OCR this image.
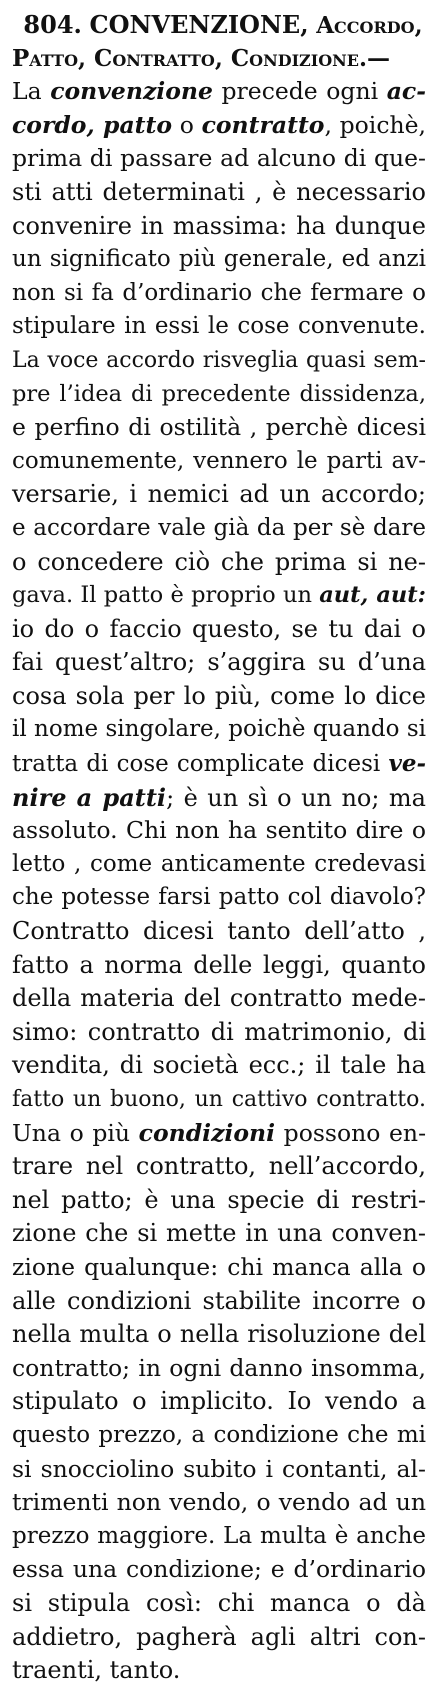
804. CONVENZIONE, Accordo,
Patto, Contratto, Condizione.—
La convenzione precede ogni ac-
cordo, patto o contratto, poichè,
prima di passare ad alcuno di que-
sti atti determinati , è necessario
convenire in massima: ha dunque
un significato più generale, ed anzi
non si fa d’ordinario che fermare o
stipulare in essi le cose convenute.
La voce accordo risveglia quasi sem-
pre l’idea di precedente dissidenza,
e perfino di ostilità , perchè dicesi
comunemente, vennero le parti av-
versarie, i nemici ad un accordo;
e accordare vale già da per sè dare
o concedere ciò che prima si ne-
gava. Il patto è proprio un aut, aut:
io do o faccio questo, se tu dai o
fai quest’altro; s’aggira su d’una
cosa sola per lo più, come lo dice
il nome singolare, poichè quando si
tratta di cose complicate dicesi ve-
nire a patti; è un sì o un no; ma
assoluto. Chi non ha sentito dire o
letto , come anticamente credevasi
che potesse farsi patto col diavolo?
Contratto dicesi tanto dell’atto ,
fatto a norma delle leggi, quanto
della materia del contratto mede-
simo: contratto di matrimonio, di
vendita, di società ecc.; il tale ha
fatto un buono, un cattivo contratto.
Una o più condizioni possono en-
trare nel contratto, nell’accordo,
nel patto; è una specie di restri-
zione che si mette in una conven-
zione qualunque: chi manca alla o
alle condizioni stabilite incorre o
nella multa o nella risoluzione del
contratto; in ogni danno insomma,
stipulato o implicito. Io vendo a
questo prezzo, a condizione che mi
si snocciolino subito i contanti, al-
trimenti non vendo, o vendo ad un
prezzo maggiore. La multa è anche
essa una condizione; e d’ordinario
si stipula così: chi manca o dà
addietro, pagherà agli altri con-
traenti, tanto.
